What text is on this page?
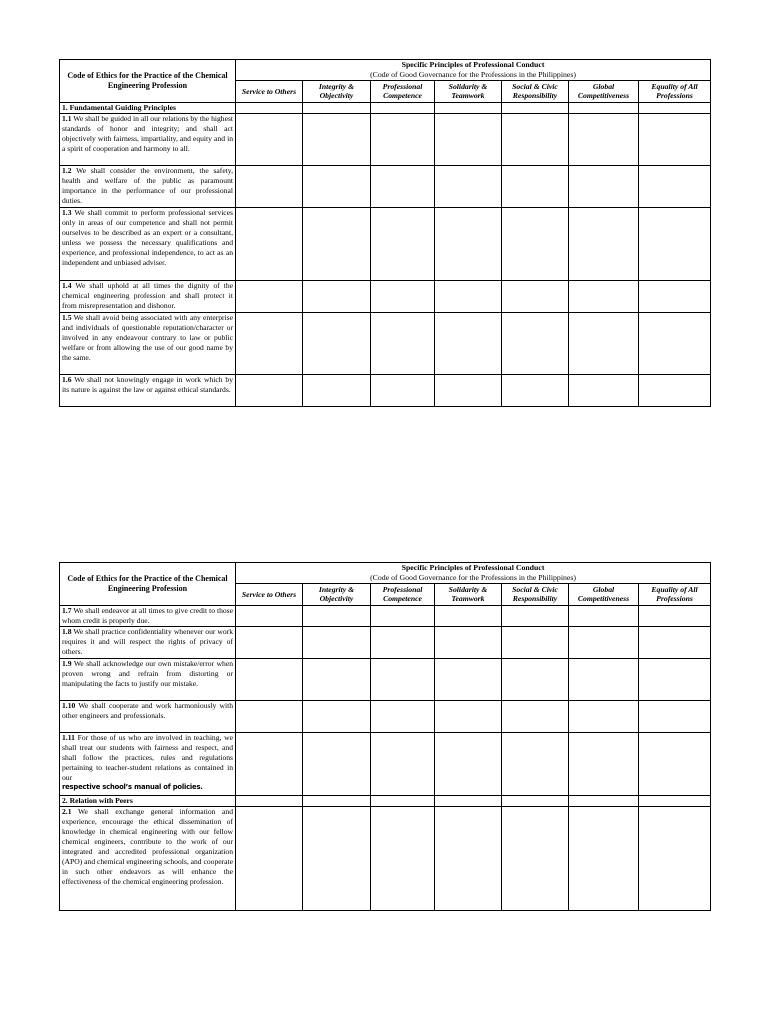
Code of Ethics for the Practice of the Chemical Engineering Profession	Specific Principles of Professional Conduct
(Code of Good Governance for the Professions in the Philippines)						
	Service to Others	Integrity & Objectivity	Professional Competence	Solidarity & Teamwork	Social & Civic Responsibility	Global Competitiveness	Equality of All Professions
1. Fundamental Guiding Principles							
1.1 We shall be guided in all our relations by the highest standards of honor and integrity; and shall act objectively with fairness, impartiality, and equity and in a spirit of cooperation and harmony to all.							
1.2 We shall consider the environment, the safety, health and welfare of the public as paramount importance in the performance of our professional duties.							
1.3 We shall commit to perform professional services only in areas of our competence and shall not permit ourselves to be described as an expert or a consultant, unless we possess the necessary qualifications and experience, and professional independence, to act as an independent and unbiased adviser.							
1.4 We shall uphold at all times the dignity of the chemical engineering profession and shall protect it from misrepresentation and dishonor.							
1.5 We shall avoid being associated with any enterprise and individuals of questionable reputation/character or involved in any endeavour contrary to law or public welfare or from allowing the use of our good name by the same.							
1.6 We shall not knowingly engage in work which by its nature is against the law or against ethical standards.							
Code of Ethics for the Practice of the Chemical Engineering Profession	Specific Principles of Professional Conduct
(Code of Good Governance for the Professions in the Philippines)						
	Service to Others	Integrity & Objectivity	Professional Competence	Solidarity & Teamwork	Social & Civic Responsibility	Global Competitiveness	Equality of All Professions
1.7 We shall endeavor at all times to give credit to those whom credit is properly due.							
1.8 We shall practice confidentiality whenever our work requires it and will respect the rights of privacy of others.							
1.9 We shall acknowledge our own mistake/error when proven wrong and refrain from distorting or manipulating the facts to justify our mistake.							
1.10 We shall cooperate and work harmoniously with other engineers and professionals.							
1.11 For those of us who are involved in teaching, we shall treat our students with fairness and respect, and shall follow the practices, rules and regulations pertaining to teacher-student relations as contained in our
respective school’s manual of policies.							

2. Relation with Peers							
2.1 We shall exchange general information and experience, encourage the ethical dissemination of knowledge in chemical engineering with our fellow chemical engineers, contribute to the work of our integrated and accredited professional organization (APO) and chemical engineering schools, and cooperate in such other endeavors as will enhance the effectiveness of the chemical engineering profession.							
